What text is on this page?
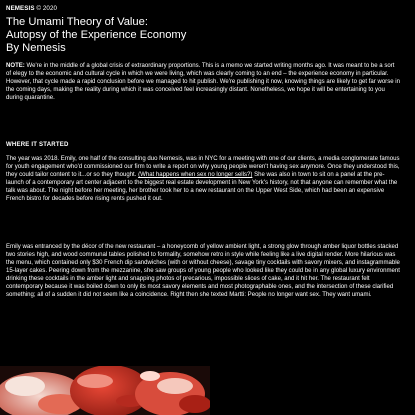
NEMESIS © 2020
The Umami Theory of Value:
Autopsy of the Experience Economy
By Nemesis

NOTE: We're in the middle of a global crisis of extraordinary proportions. This is a memo we started writing months ago. It was meant to be a sort of elegy to the economic and cultural cycle in which we were living, which was clearly coming to an end – the experience economy in particular. However, that cycle made a rapid conclusion before we managed to hit publish. We're publishing it now, knowing things are likely to get far worse in the coming days, making the reality during which it was conceived feel increasingly distant. Nonetheless, we hope it will be entertaining to you during quarantine.

WHERE IT STARTED

The year was 2018. Emily, one half of the consulting duo Nemesis, was in NYC for a meeting with one of our clients, a media conglomerate famous for youth engagement who'd commissioned our firm to write a report on why young people weren't having sex anymore. Once they understood this, they could tailor content to it...or so they thought. (What happens when sex no longer sells?) She was also in town to sit on a panel at the pre-launch of a contemporary art center adjacent to the biggest real estate development in New York's history, not that anyone can remember what the talk was about. The night before her meeting, her brother took her to a new restaurant on the Upper West Side, which had been an expensive French bistro for decades before rising rents pushed it out.

Emily was entranced by the décor of the new restaurant – a honeycomb of yellow ambient light, a strong glow through amber liquor bottles stacked two stories high, and wood communal tables polished to formality, somehow retro in style while feeling like a live digital render. More hilarious was the menu, which contained only $30 French dip sandwiches (with or without cheese), savage tiny cocktails with savory mixers, and instagrammable 15-layer cakes. Peering down from the mezzanine, she saw groups of young people who looked like they could be in any global luxury environment drinking these cocktails in the amber light and snapping photos of precarious, impossible slices of cake, and it hit her. The restaurant felt contemporary because it was boiled down to only its most savory elements and most photographable ones, and the intersection of these clarified something; all of a sudden it did not seem like a coincidence. Right then she texted Martti: People no longer want sex. They want umami.
